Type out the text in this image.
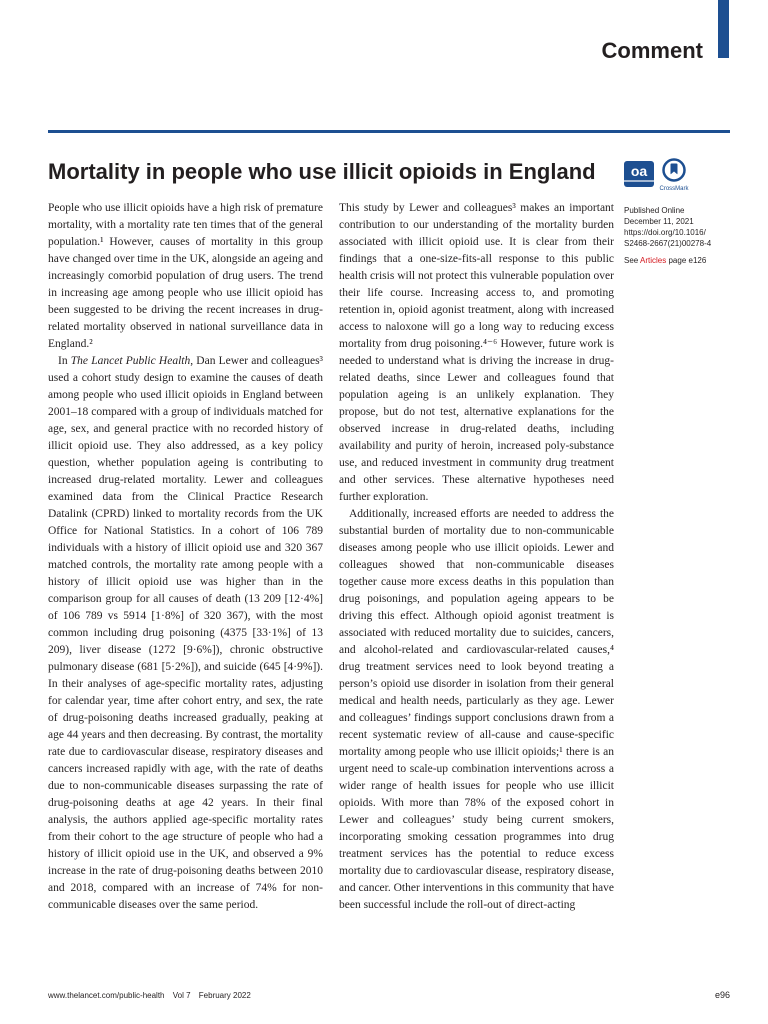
Comment
Mortality in people who use illicit opioids in England	oa
CrossMark
Published Online
December 11, 2021
https://doi.org/10.1016/
S2468-2667(21)00278-4
See Articles page e126

People who use illicit opioids have a high risk of premature mortality, with a mortality rate ten times that of the general population.¹ However, causes of mortality in this group have changed over time in the UK, alongside an ageing and increasingly comorbid population of drug users. The trend in increasing age among people who use illicit opioid has been suggested to be driving the recent increases in drug-related mortality observed in national surveillance data in England.²

In The Lancet Public Health, Dan Lewer and colleagues³ used a cohort study design to examine the causes of death among people who used illicit opioids in England between 2001–18 compared with a group of individuals matched for age, sex, and general practice with no recorded history of illicit opioid use. They also addressed, as a key policy question, whether population ageing is contributing to increased drug-related mortality. Lewer and colleagues examined data from the Clinical Practice Research Datalink (CPRD) linked to mortality records from the UK Office for National Statistics. In a cohort of 106 789 individuals with a history of illicit opioid use and 320 367 matched controls, the mortality rate among people with a history of illicit opioid use was higher than in the comparison group for all causes of death (13 209 [12·4%] of 106 789 vs 5914 [1·8%] of 320 367), with the most common including drug poisoning (4375 [33·1%] of 13 209), liver disease (1272 [9·6%]), chronic obstructive pulmonary disease (681 [5·2%]), and suicide (645 [4·9%]). In their analyses of age-specific mortality rates, adjusting for calendar year, time after cohort entry, and sex, the rate of drug-poisoning deaths increased gradually, peaking at age 44 years and then decreasing. By contrast, the mortality rate due to cardiovascular disease, respiratory diseases and cancers increased rapidly with age, with the rate of deaths due to non-communicable diseases surpassing the rate of drug-poisoning deaths at age 42 years. In their final analysis, the authors applied age-specific mortality rates from their cohort to the age structure of people who had a history of illicit opioid use in the UK, and observed a 9% increase in the rate of drug-poisoning deaths between 2010 and 2018, compared with an increase of 74% for non-communicable diseases over the same period.

This study by Lewer and colleagues³ makes an important contribution to our understanding of the mortality burden associated with illicit opioid use. It is clear from their findings that a one-size-fits-all response to this public health crisis will not protect this vulnerable population over their life course. Increasing access to, and promoting retention in, opioid agonist treatment, along with increased access to naloxone will go a long way to reducing excess mortality from drug poisoning.⁴⁻⁶ However, future work is needed to understand what is driving the increase in drug-related deaths, since Lewer and colleagues found that population ageing is an unlikely explanation. They propose, but do not test, alternative explanations for the observed increase in drug-related deaths, including availability and purity of heroin, increased poly-substance use, and reduced investment in community drug treatment and other services. These alternative hypotheses need further exploration.

Additionally, increased efforts are needed to address the substantial burden of mortality due to non-communicable diseases among people who use illicit opioids. Lewer and colleagues showed that non-communicable diseases together cause more excess deaths in this population than drug poisonings, and population ageing appears to be driving this effect. Although opioid agonist treatment is associated with reduced mortality due to suicides, cancers, and alcohol-related and cardiovascular-related causes,⁴ drug treatment services need to look beyond treating a person’s opioid use disorder in isolation from their general medical and health needs, particularly as they age. Lewer and colleagues’ findings support conclusions drawn from a recent systematic review of all-cause and cause-specific mortality among people who use illicit opioids;¹ there is an urgent need to scale-up combination interventions across a wider range of health issues for people who use illicit opioids. With more than 78% of the exposed cohort in Lewer and colleagues’ study being current smokers, incorporating smoking cessation programmes into drug treatment services has the potential to reduce excess mortality due to cardiovascular disease, respiratory disease, and cancer. Other interventions in this community that have been successful include the roll-out of direct-acting

www.thelancet.com/public-health Vol 7 February 2022	e96
